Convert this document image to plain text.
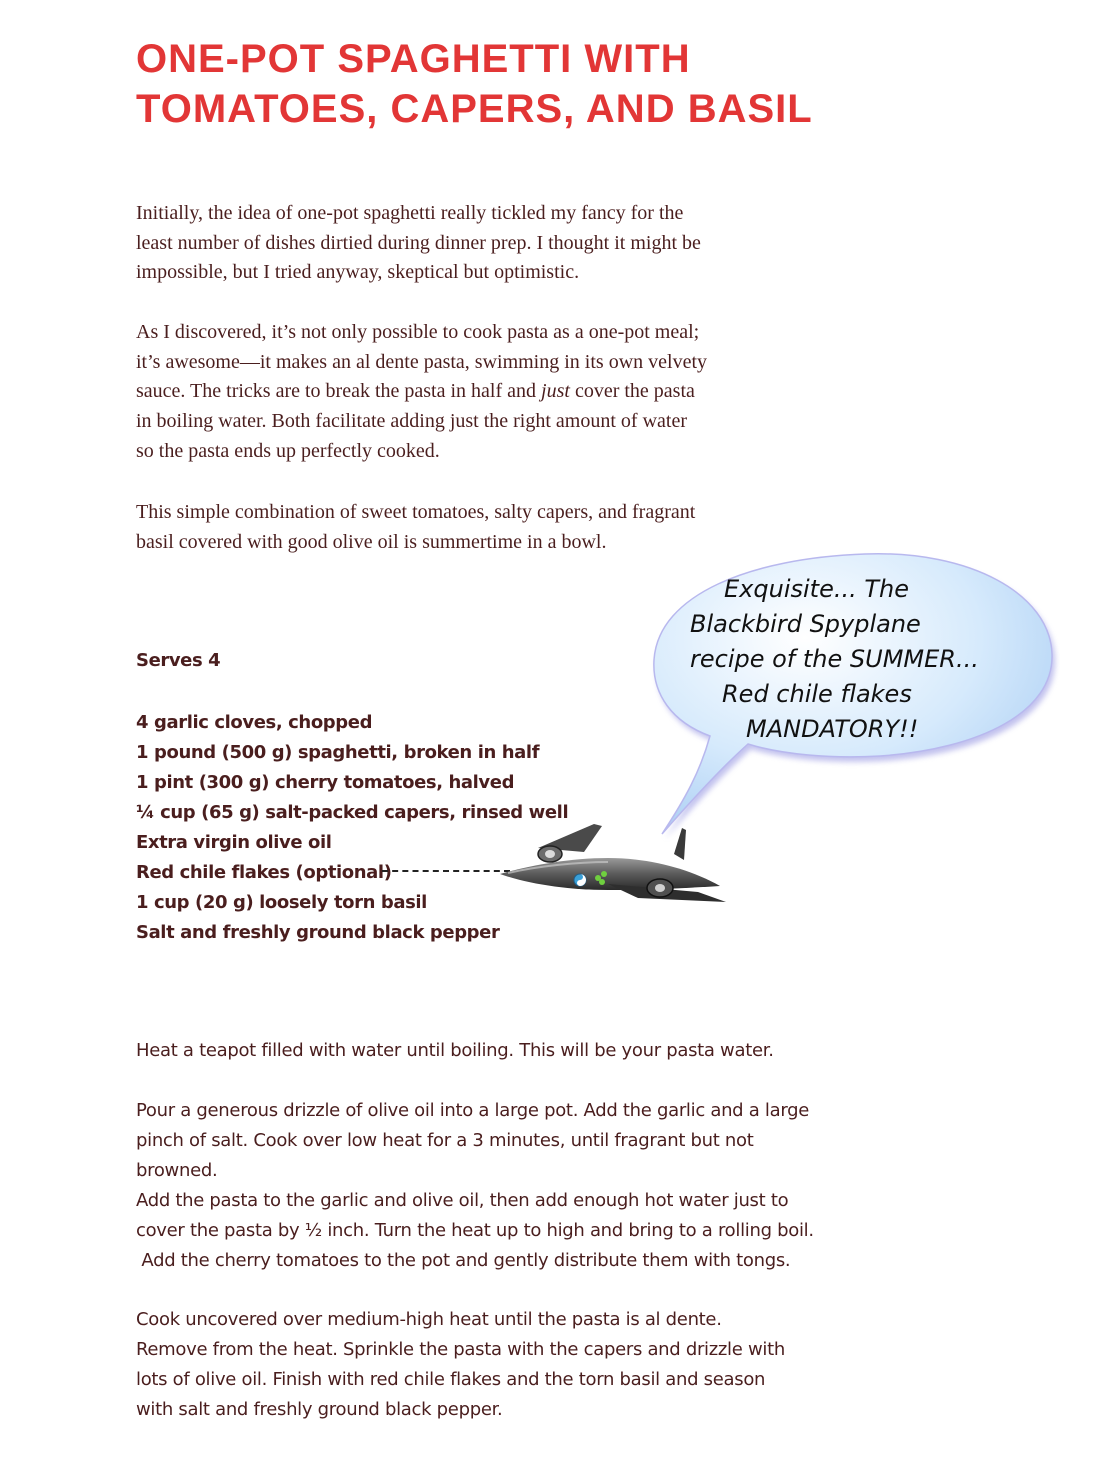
ONE-POT SPAGHETTI WITH
TOMATOES, CAPERS, AND BASIL

Initially, the idea of one-pot spaghetti really tickled my fancy for the
least number of dishes dirtied during dinner prep. I thought it might be
impossible, but I tried anyway, skeptical but optimistic.

As I discovered, it’s not only possible to cook pasta as a one-pot meal;
it’s awesome—it makes an al dente pasta, swimming in its own velvety
sauce. The tricks are to break the pasta in half and just cover the pasta
in boiling water. Both facilitate adding just the right amount of water
so the pasta ends up perfectly cooked.

This simple combination of sweet tomatoes, salty capers, and fragrant
basil covered with good olive oil is summertime in a bowl.

Exquisite... The
Blackbird Spyplane
recipe of the SUMMER...
Red chile flakes
MANDATORY!!

Serves 4

4 garlic cloves, chopped
1 pound (500 g) spaghetti, broken in half
1 pint (300 g) cherry tomatoes, halved
¼ cup (65 g) salt-packed capers, rinsed well
Extra virgin olive oil
Red chile flakes (optional)
1 cup (20 g) loosely torn basil
Salt and freshly ground black pepper
Heat a teapot filled with water until boiling. This will be your pasta water.
Pour a generous drizzle of olive oil into a large pot. Add the garlic and a large
pinch of salt. Cook over low heat for a 3 minutes, until fragrant but not
browned.
Add the pasta to the garlic and olive oil, then add enough hot water just to
cover the pasta by ½ inch. Turn the heat up to high and bring to a rolling boil.
Add the cherry tomatoes to the pot and gently distribute them with tongs.
Cook uncovered over medium-high heat until the pasta is al dente.
Remove from the heat. Sprinkle the pasta with the capers and drizzle with
lots of olive oil. Finish with red chile flakes and the torn basil and season
with salt and freshly ground black pepper.
